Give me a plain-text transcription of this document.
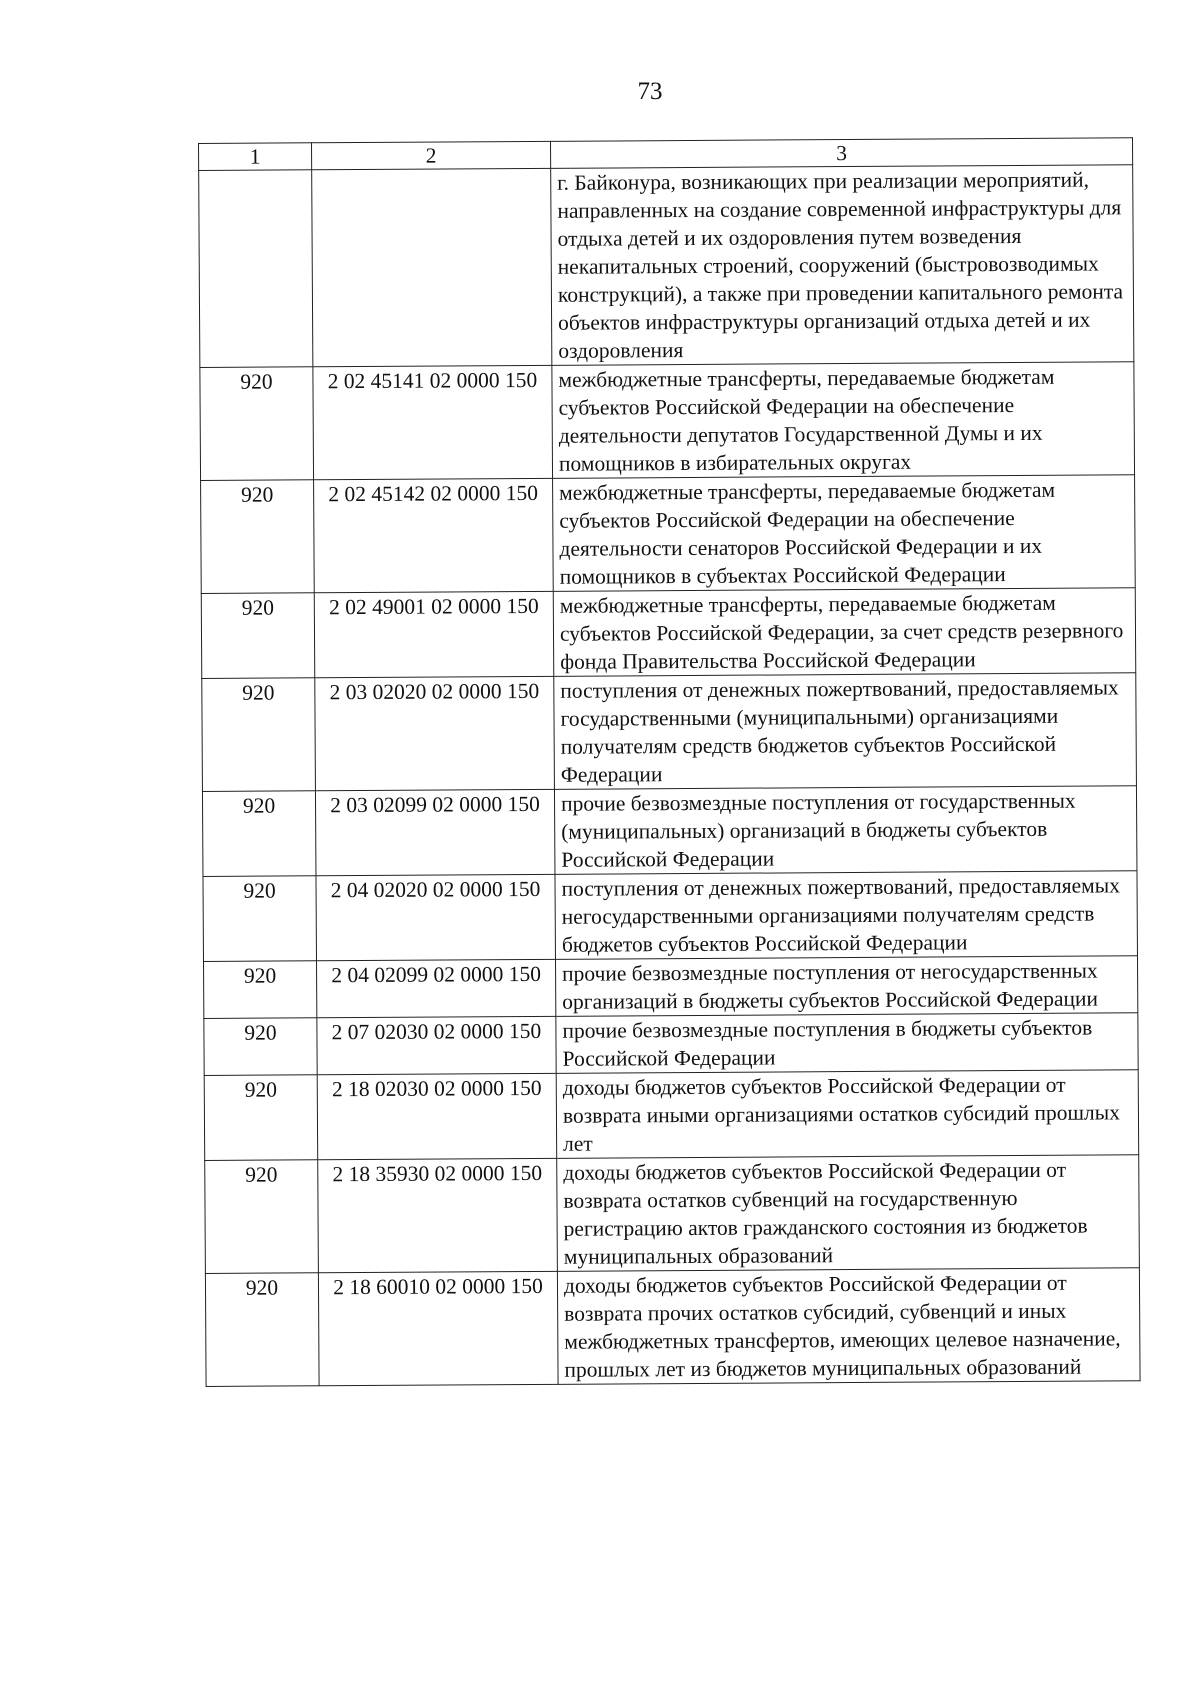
73
1	2	3
		г. Байконура, возникающих при реализации мероприятий, направленных на создание современной инфраструктуры для отдыха детей и их оздоровления путем возведения некапитальных строений, сооружений (быстровозводимых конструкций), а также при проведении капитального ремонта объектов инфраструктуры организаций отдыха детей и их оздоровления
920	2 02 45141 02 0000 150	межбюджетные трансферты, передаваемые бюджетам субъектов Российской Федерации на обеспечение деятельности депутатов Государственной Думы и их помощников в избирательных округах
920	2 02 45142 02 0000 150	межбюджетные трансферты, передаваемые бюджетам субъектов Российской Федерации на обеспечение деятельности сенаторов Российской Федерации и их помощников в субъектах Российской Федерации
920	2 02 49001 02 0000 150	межбюджетные трансферты, передаваемые бюджетам субъектов Российской Федерации, за счет средств резервного фонда Правительства Российской Федерации
920	2 03 02020 02 0000 150	поступления от денежных пожертвований, предоставляемых государственными (муниципальными) организациями получателям средств бюджетов субъектов Российской Федерации
920	2 03 02099 02 0000 150	прочие безвозмездные поступления от государственных (муниципальных) организаций в бюджеты субъектов Российской Федерации
920	2 04 02020 02 0000 150	поступления от денежных пожертвований, предоставляемых негосударственными организациями получателям средств бюджетов субъектов Российской Федерации
920	2 04 02099 02 0000 150	прочие безвозмездные поступления от негосударственных организаций в бюджеты субъектов Российской Федерации
920	2 07 02030 02 0000 150	прочие безвозмездные поступления в бюджеты субъектов Российской Федерации
920	2 18 02030 02 0000 150	доходы бюджетов субъектов Российской Федерации от возврата иными организациями остатков субсидий прошлых лет
920	2 18 35930 02 0000 150	доходы бюджетов субъектов Российской Федерации от возврата остатков субвенций на государственную регистрацию актов гражданского состояния из бюджетов муниципальных образований
920	2 18 60010 02 0000 150	доходы бюджетов субъектов Российской Федерации от возврата прочих остатков субсидий, субвенций и иных межбюджетных трансфертов, имеющих целевое назначение, прошлых лет из бюджетов муниципальных образований
